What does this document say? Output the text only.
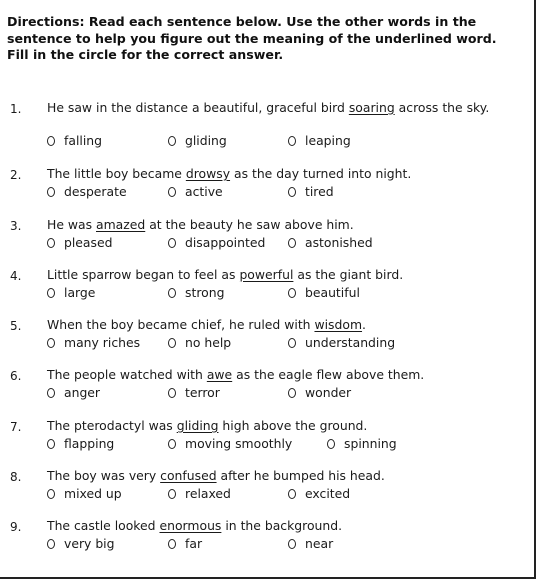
Directions: Read each sentence below. Use the other words in the
sentence to help you figure out the meaning of the underlined word.
Fill in the circle for the correct answer.
1. He saw in the distance a beautiful, graceful bird soaring across the sky.
falling	gliding	leaping
2. The little boy became drowsy as the day turned into night.
desperate	active	tired
3. He was amazed at the beauty he saw above him.
pleased	disappointed	astonished
4. Little sparrow began to feel as powerful as the giant bird.
large	strong	beautiful
5. When the boy became chief, he ruled with wisdom.
many riches	no help	understanding
6. The people watched with awe as the eagle flew above them.
anger	terror	wonder
7. The pterodactyl was gliding high above the ground.
flapping	moving smoothly	spinning
8. The boy was very confused after he bumped his head.
mixed up	relaxed	excited
9. The castle looked enormous in the background.
very big	far	near
